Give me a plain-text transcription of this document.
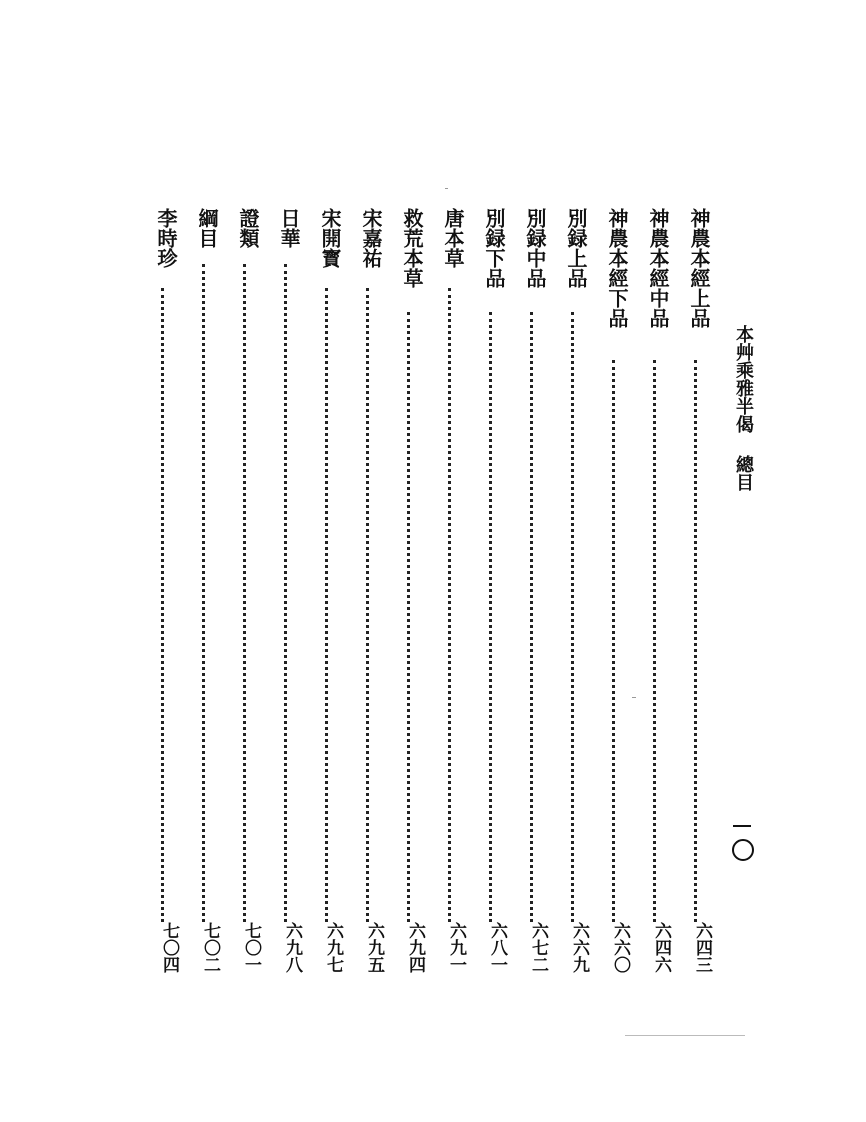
本艸乘雅半偈總目
神農本經上品
六四三
神農本經中品
六四六
神農本經下品
六六〇
別録上品
六六九
別録中品
六七二
別録下品
六八一
唐本草
六九一
救荒本草
六九四
宋嘉祐
六九五
宋開寳
六九七
日華
六九八
證類
七〇一
綱目
七〇二
李時珍
七〇四
